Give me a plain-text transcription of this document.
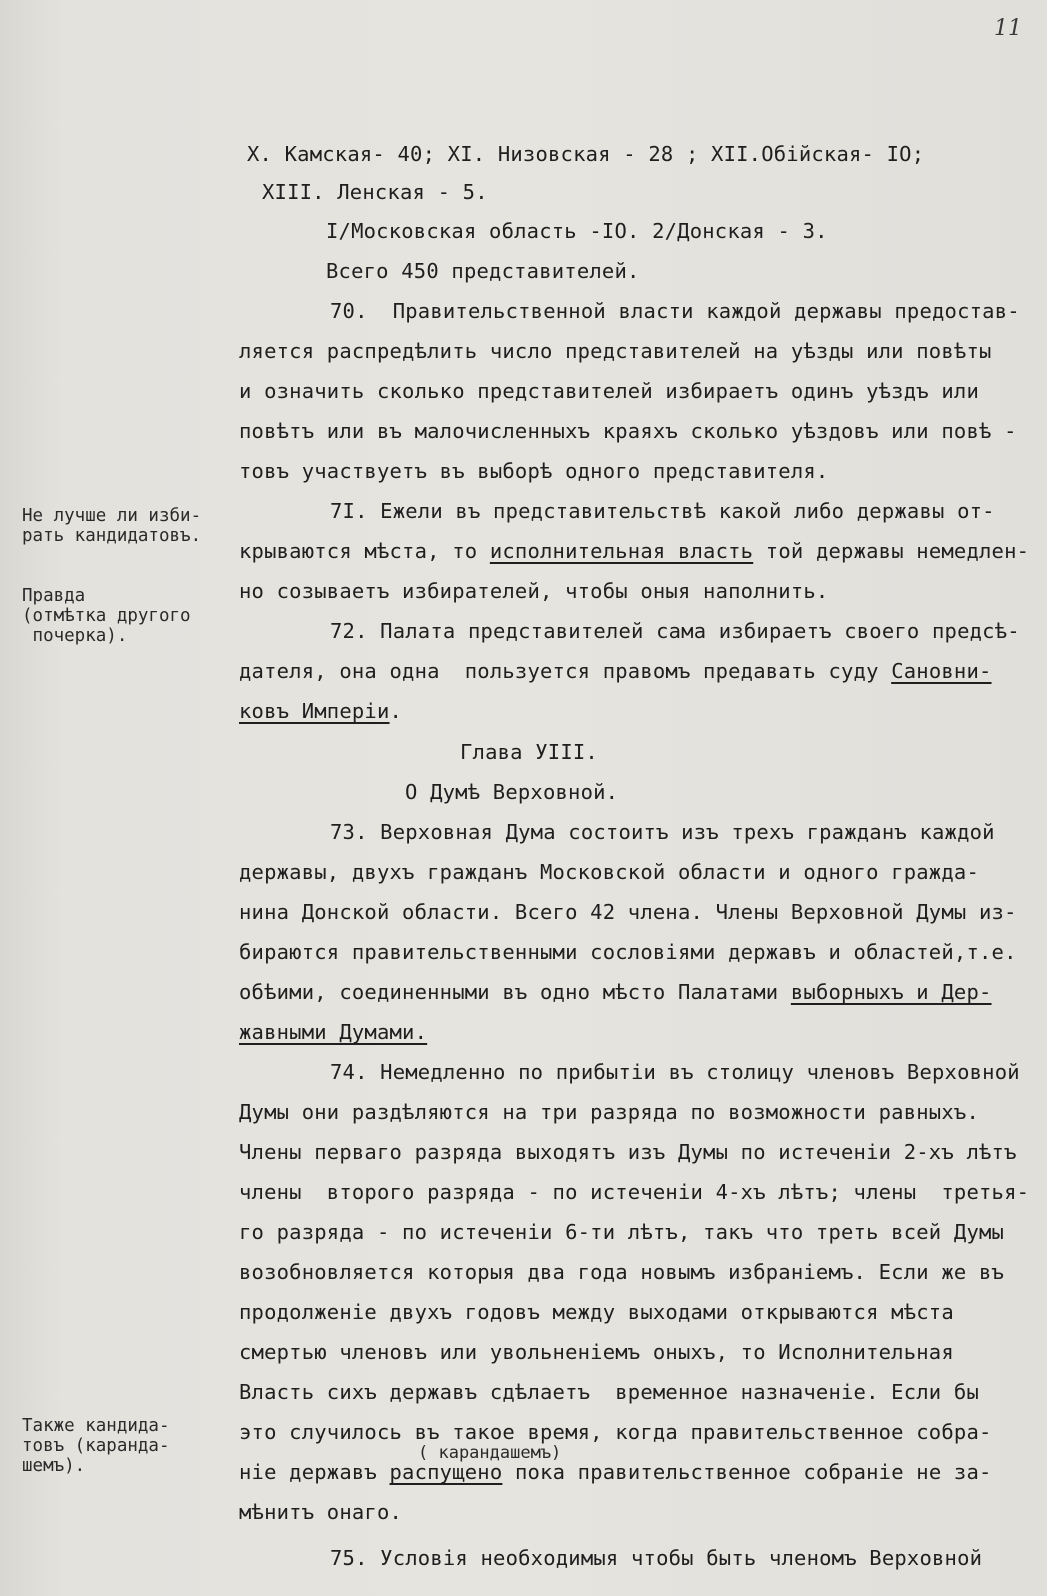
11
X. Камская- 40; XI. Низовская - 28 ; XII.Обiйская- IO;
XIII. Ленская - 5.
I/Московская область -IO. 2/Донская - 3.
Всего 450 представителей.
70.  Правительственной власти каждой державы предостав-
ляется распредѣлить число представителей на уѣзды или повѣты
и означить сколько представителей избираетъ одинъ уѣздъ или
повѣтъ или въ малочисленныхъ краяхъ сколько уѣздовъ или повѣ -
товъ участвуетъ въ выборѣ одного представителя.
7I. Ежели въ представительствѣ какой либо державы от-
крываются мѣста, то исполнительная власть той державы немедлен-
но созываетъ избирателей, чтобы оныя наполнить.
72. Палата представителей сама избираетъ своего предсѣ-
дателя, она одна  пользуется правомъ предавать суду Сановни-
ковъ Имперiи.
Глава УIII.
О Думѣ Верховной.
73. Верховная Дума состоитъ изъ трехъ гражданъ каждой
державы, двухъ гражданъ Московской области и одного гражда-
нина Донской области. Всего 42 члена. Члены Верховной Думы из-
бираются правительственными сословiями державъ и областей,т.е.
обѣими, соединенными въ одно мѣсто Палатами выборныхъ и Дер-
жавными Думами.
74. Немедленно по прибытiи въ столицу членовъ Верховной
Думы они раздѣляются на три разряда по возможности равныхъ.
Члены перваго разряда выходятъ изъ Думы по истеченiи 2-хъ лѣтъ
члены  второго разряда - по истеченiи 4-хъ лѣтъ; члены  третья-
го разряда - по истеченiи 6-ти лѣтъ, такъ что треть всей Думы
возобновляется которыя два года новымъ избранiемъ. Если же въ
продолженiе двухъ годовъ между выходами открываются мѣста
смертью членовъ или увольненiемъ оныхъ, то Исполнительная
Власть сихъ державъ сдѣлаетъ  временное назначенiе. Если бы
это случилось въ такое время, когда правительственное собра-
( карандашемъ)
нiе державъ распущено пока правительственное собранiе не за-
мѣнитъ онаго.
75. Условiя необходимыя чтобы быть членомъ Верховной
Не лучше ли изби-
рать кандидатовъ.
Правда
(отмѣтка другого
почерка).
Также кандида-
товъ (каранда-
шемъ).
